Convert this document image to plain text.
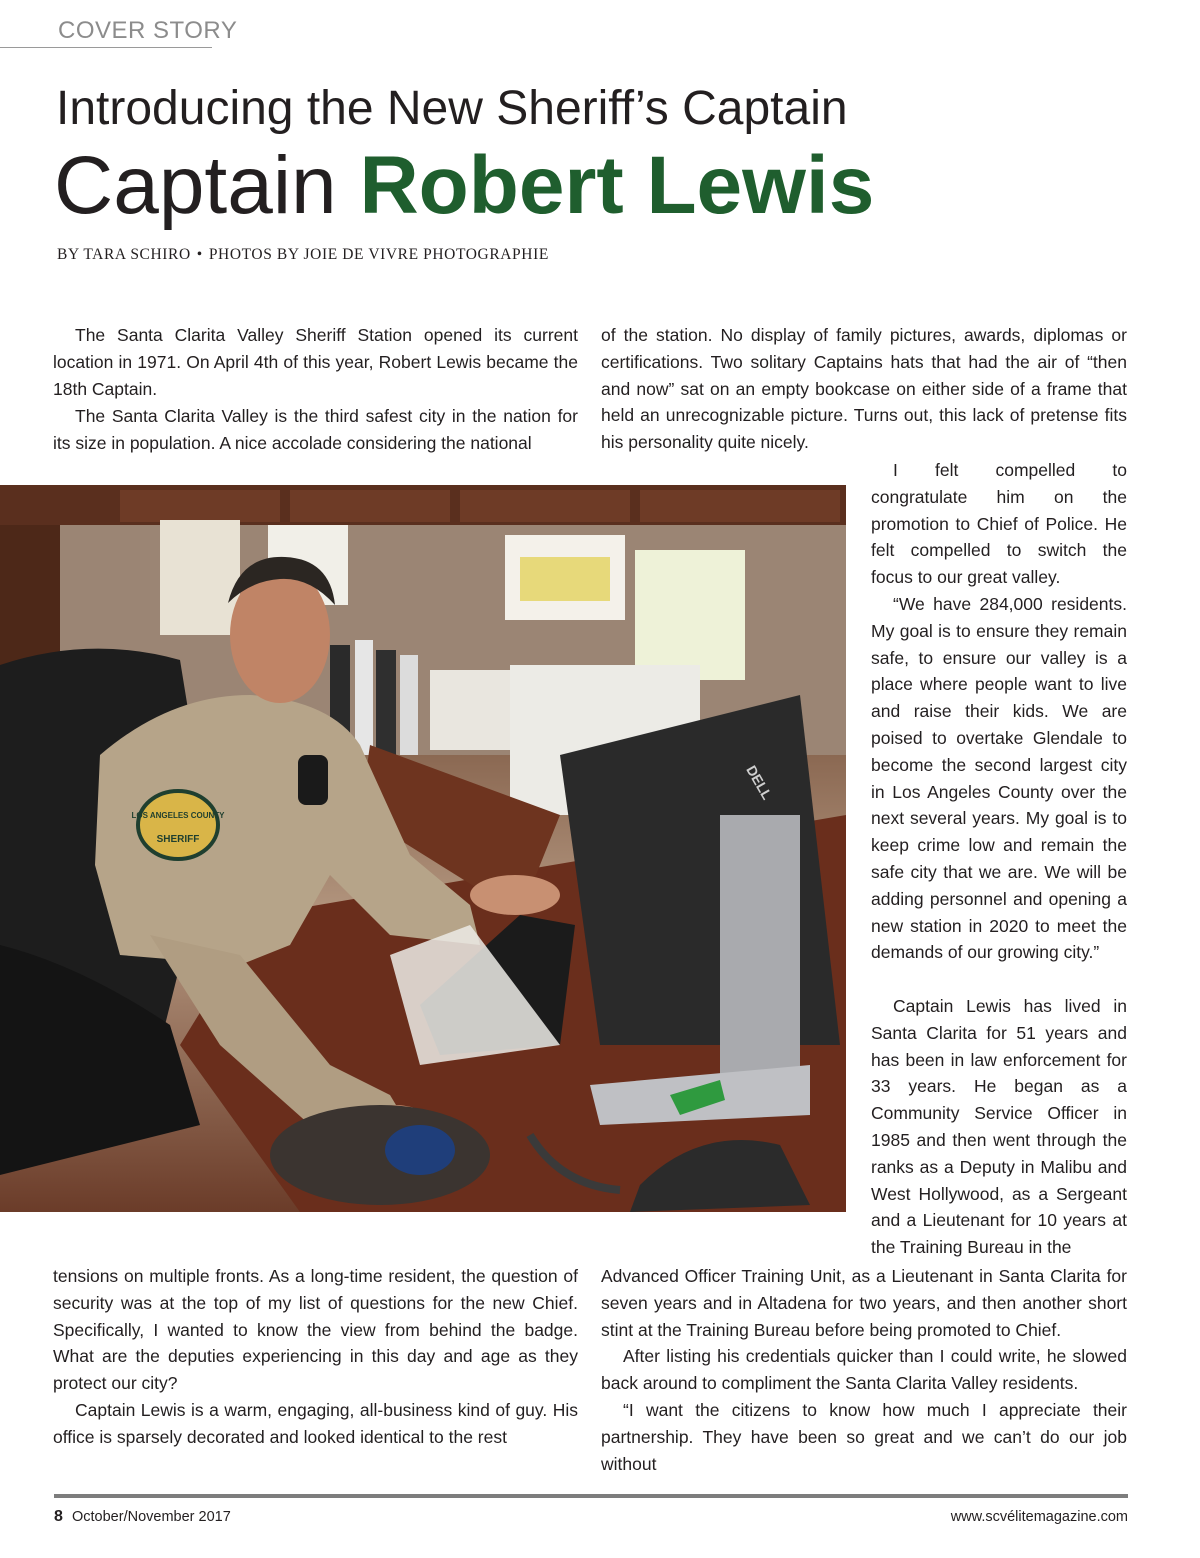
COVER STORY
Introducing the New Sheriff’s Captain
Captain Robert Lewis
BY TARA SCHIRO • PHOTOS BY JOIE DE VIVRE PHOTOGRAPHIE

The Santa Clarita Valley Sheriff Station opened its current location in 1971. On April 4th of this year, Robert Lewis became the 18th Captain.

The Santa Clarita Valley is the third safest city in the nation for its size in population. A nice accolade considering the national

of the station. No display of family pictures, awards, diplomas or certifications. Two solitary Captains hats that had the air of “then and now” sat on an empty bookcase on either side of a frame that held an unrecognizable picture. Turns out, this lack of pretense fits his personality quite nicely.

I felt compelled to congratulate him on the promotion to Chief of Police. He felt compelled to switch the focus to our great valley.

“We have 284,000 residents. My goal is to ensure they remain safe, to ensure our valley is a place where people want to live and raise their kids. We are poised to overtake Glendale to become the second largest city in Los Angeles County over the next several years. My goal is to keep crime low and remain the safe city that we are. We will be adding personnel and opening a new station in 2020 to meet the demands of our growing city.”

Captain Lewis has lived in Santa Clarita for 51 years and has been in law enforcement for 33 years. He began as a Community Service Officer in 1985 and then went through the ranks as a Deputy in Malibu and West Hollywood, as a Sergeant and a Lieutenant for 10 years at the Training Bureau in the

tensions on multiple fronts. As a long-time resident, the question of security was at the top of my list of questions for the new Chief. Specifically, I wanted to know the view from behind the badge. What are the deputies experiencing in this day and age as they protect our city?

Captain Lewis is a warm, engaging, all-business kind of guy. His office is sparsely decorated and looked identical to the rest

Advanced Officer Training Unit, as a Lieutenant in Santa Clarita for seven years and in Altadena for two years, and then another short stint at the Training Bureau before being promoted to Chief.

After listing his credentials quicker than I could write, he slowed back around to compliment the Santa Clarita Valley residents.

“I want the citizens to know how much I appreciate their partnership. They have been so great and we can’t do our job without

LOS ANGELES COUNTY
SHERIFF
DELL
8 October/November 2017	www.scvélitemagazine.com
